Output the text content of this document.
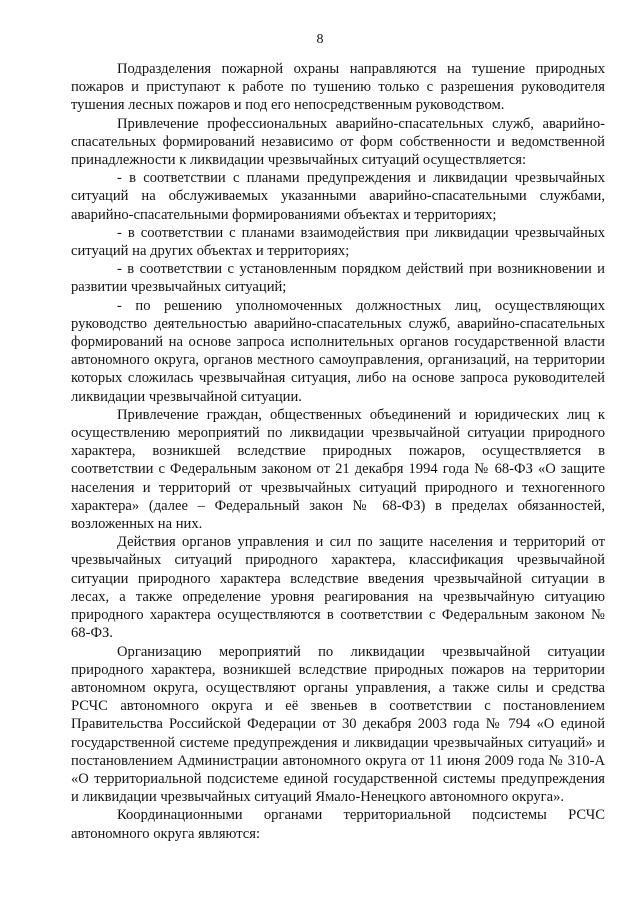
8

Подразделения пожарной охраны направляются на тушение природных пожаров и приступают к работе по тушению только с разрешения руководителя тушения лесных пожаров и под его непосредственным руководством.

Привлечение профессиональных аварийно-спасательных служб, аварийно-спасательных формирований независимо от форм собственности и ведомственной принадлежности к ликвидации чрезвычайных ситуаций осуществляется:

- в соответствии с планами предупреждения и ликвидации чрезвычайных ситуаций на обслуживаемых указанными аварийно-спасательными службами, аварийно-спасательными формированиями объектах и территориях;

- в соответствии с планами взаимодействия при ликвидации чрезвычайных ситуаций на других объектах и территориях;

- в соответствии с установленным порядком действий при возникновении и развитии чрезвычайных ситуаций;

- по решению уполномоченных должностных лиц, осуществляющих руководство деятельностью аварийно-спасательных служб, аварийно-спасательных формирований на основе запроса исполнительных органов государственной власти автономного округа, органов местного самоуправления, организаций, на территории которых сложилась чрезвычайная ситуация, либо на основе запроса руководителей ликвидации чрезвычайной ситуации.

Привлечение граждан, общественных объединений и юридических лиц к осуществлению мероприятий по ликвидации чрезвычайной ситуации природного характера, возникшей вследствие природных пожаров, осуществляется в соответствии с Федеральным законом от 21 декабря 1994 года № 68-ФЗ «О защите населения и территорий от чрезвычайных ситуаций природного и техногенного характера» (далее – Федеральный закон № 68-ФЗ) в пределах обязанностей, возложенных на них.

Действия органов управления и сил по защите населения и территорий от чрезвычайных ситуаций природного характера, классификация чрезвычайной ситуации природного характера вследствие введения чрезвычайной ситуации в лесах, а также определение уровня реагирования на чрезвычайную ситуацию природного характера осуществляются в соответствии с Федеральным законом № 68-ФЗ.

Организацию мероприятий по ликвидации чрезвычайной ситуации природного характера, возникшей вследствие природных пожаров на территории автономном округа, осуществляют органы управления, а также силы и средства РСЧС автономного округа и её звеньев в соответствии с постановлением Правительства Российской Федерации от 30 декабря 2003 года № 794 «О единой государственной системе предупреждения и ликвидации чрезвычайных ситуаций» и постановлением Администрации автономного округа от 11 июня 2009 года № 310-А «О территориальной подсистеме единой государственной системы предупреждения и ликвидации чрезвычайных ситуаций Ямало-Ненецкого автономного округа».

Координационными органами территориальной подсистемы РСЧС автономного округа являются:
